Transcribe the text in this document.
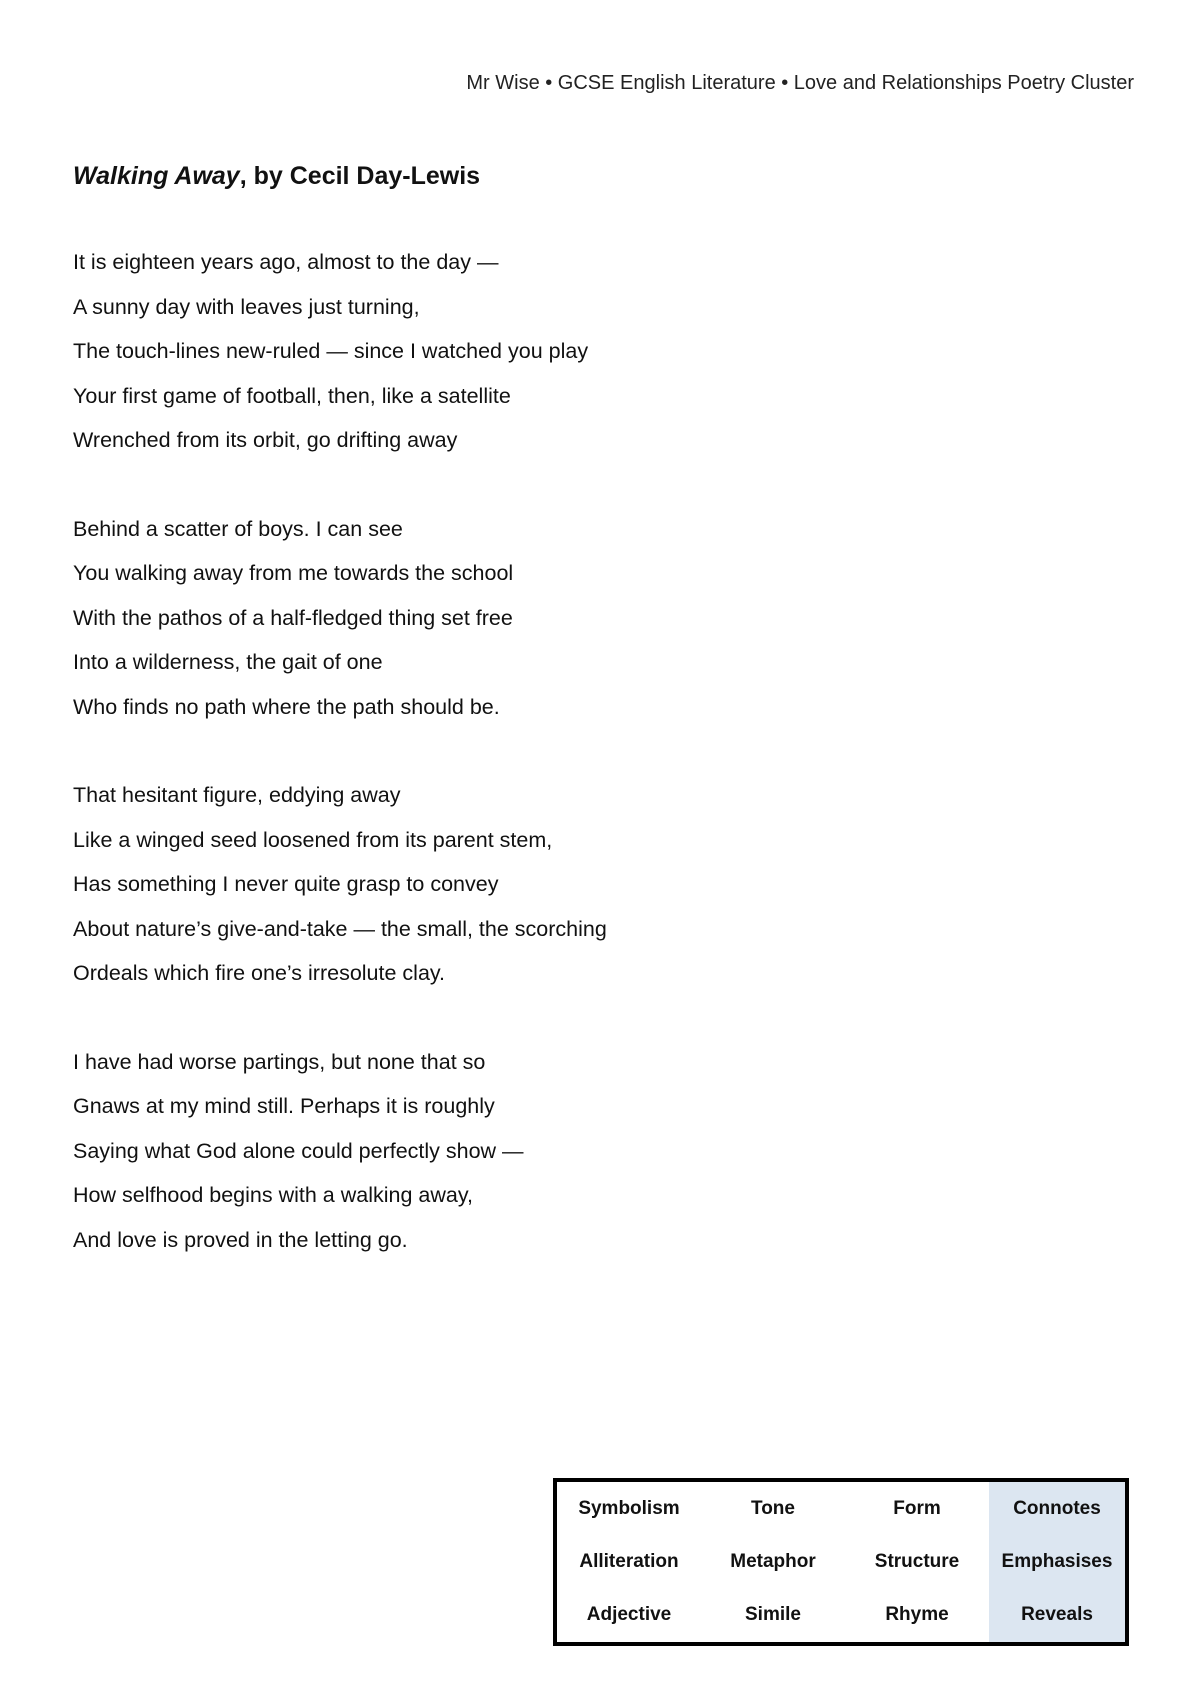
Mr Wise • GCSE English Literature • Love and Relationships Poetry Cluster
Walking Away, by Cecil Day-Lewis
It is eighteen years ago, almost to the day —
A sunny day with leaves just turning,
The touch-lines new-ruled — since I watched you play
Your first game of football, then, like a satellite
Wrenched from its orbit, go drifting away
Behind a scatter of boys. I can see
You walking away from me towards the school
With the pathos of a half-fledged thing set free
Into a wilderness, the gait of one
Who finds no path where the path should be.
That hesitant figure, eddying away
Like a winged seed loosened from its parent stem,
Has something I never quite grasp to convey
About nature’s give-and-take — the small, the scorching
Ordeals which fire one’s irresolute clay.
I have had worse partings, but none that so
Gnaws at my mind still. Perhaps it is roughly
Saying what God alone could perfectly show —
How selfhood begins with a walking away,
And love is proved in the letting go.
Symbolism	Tone	Form	Connotes
Alliteration	Metaphor	Structure	Emphasises
Adjective	Simile	Rhyme	Reveals
